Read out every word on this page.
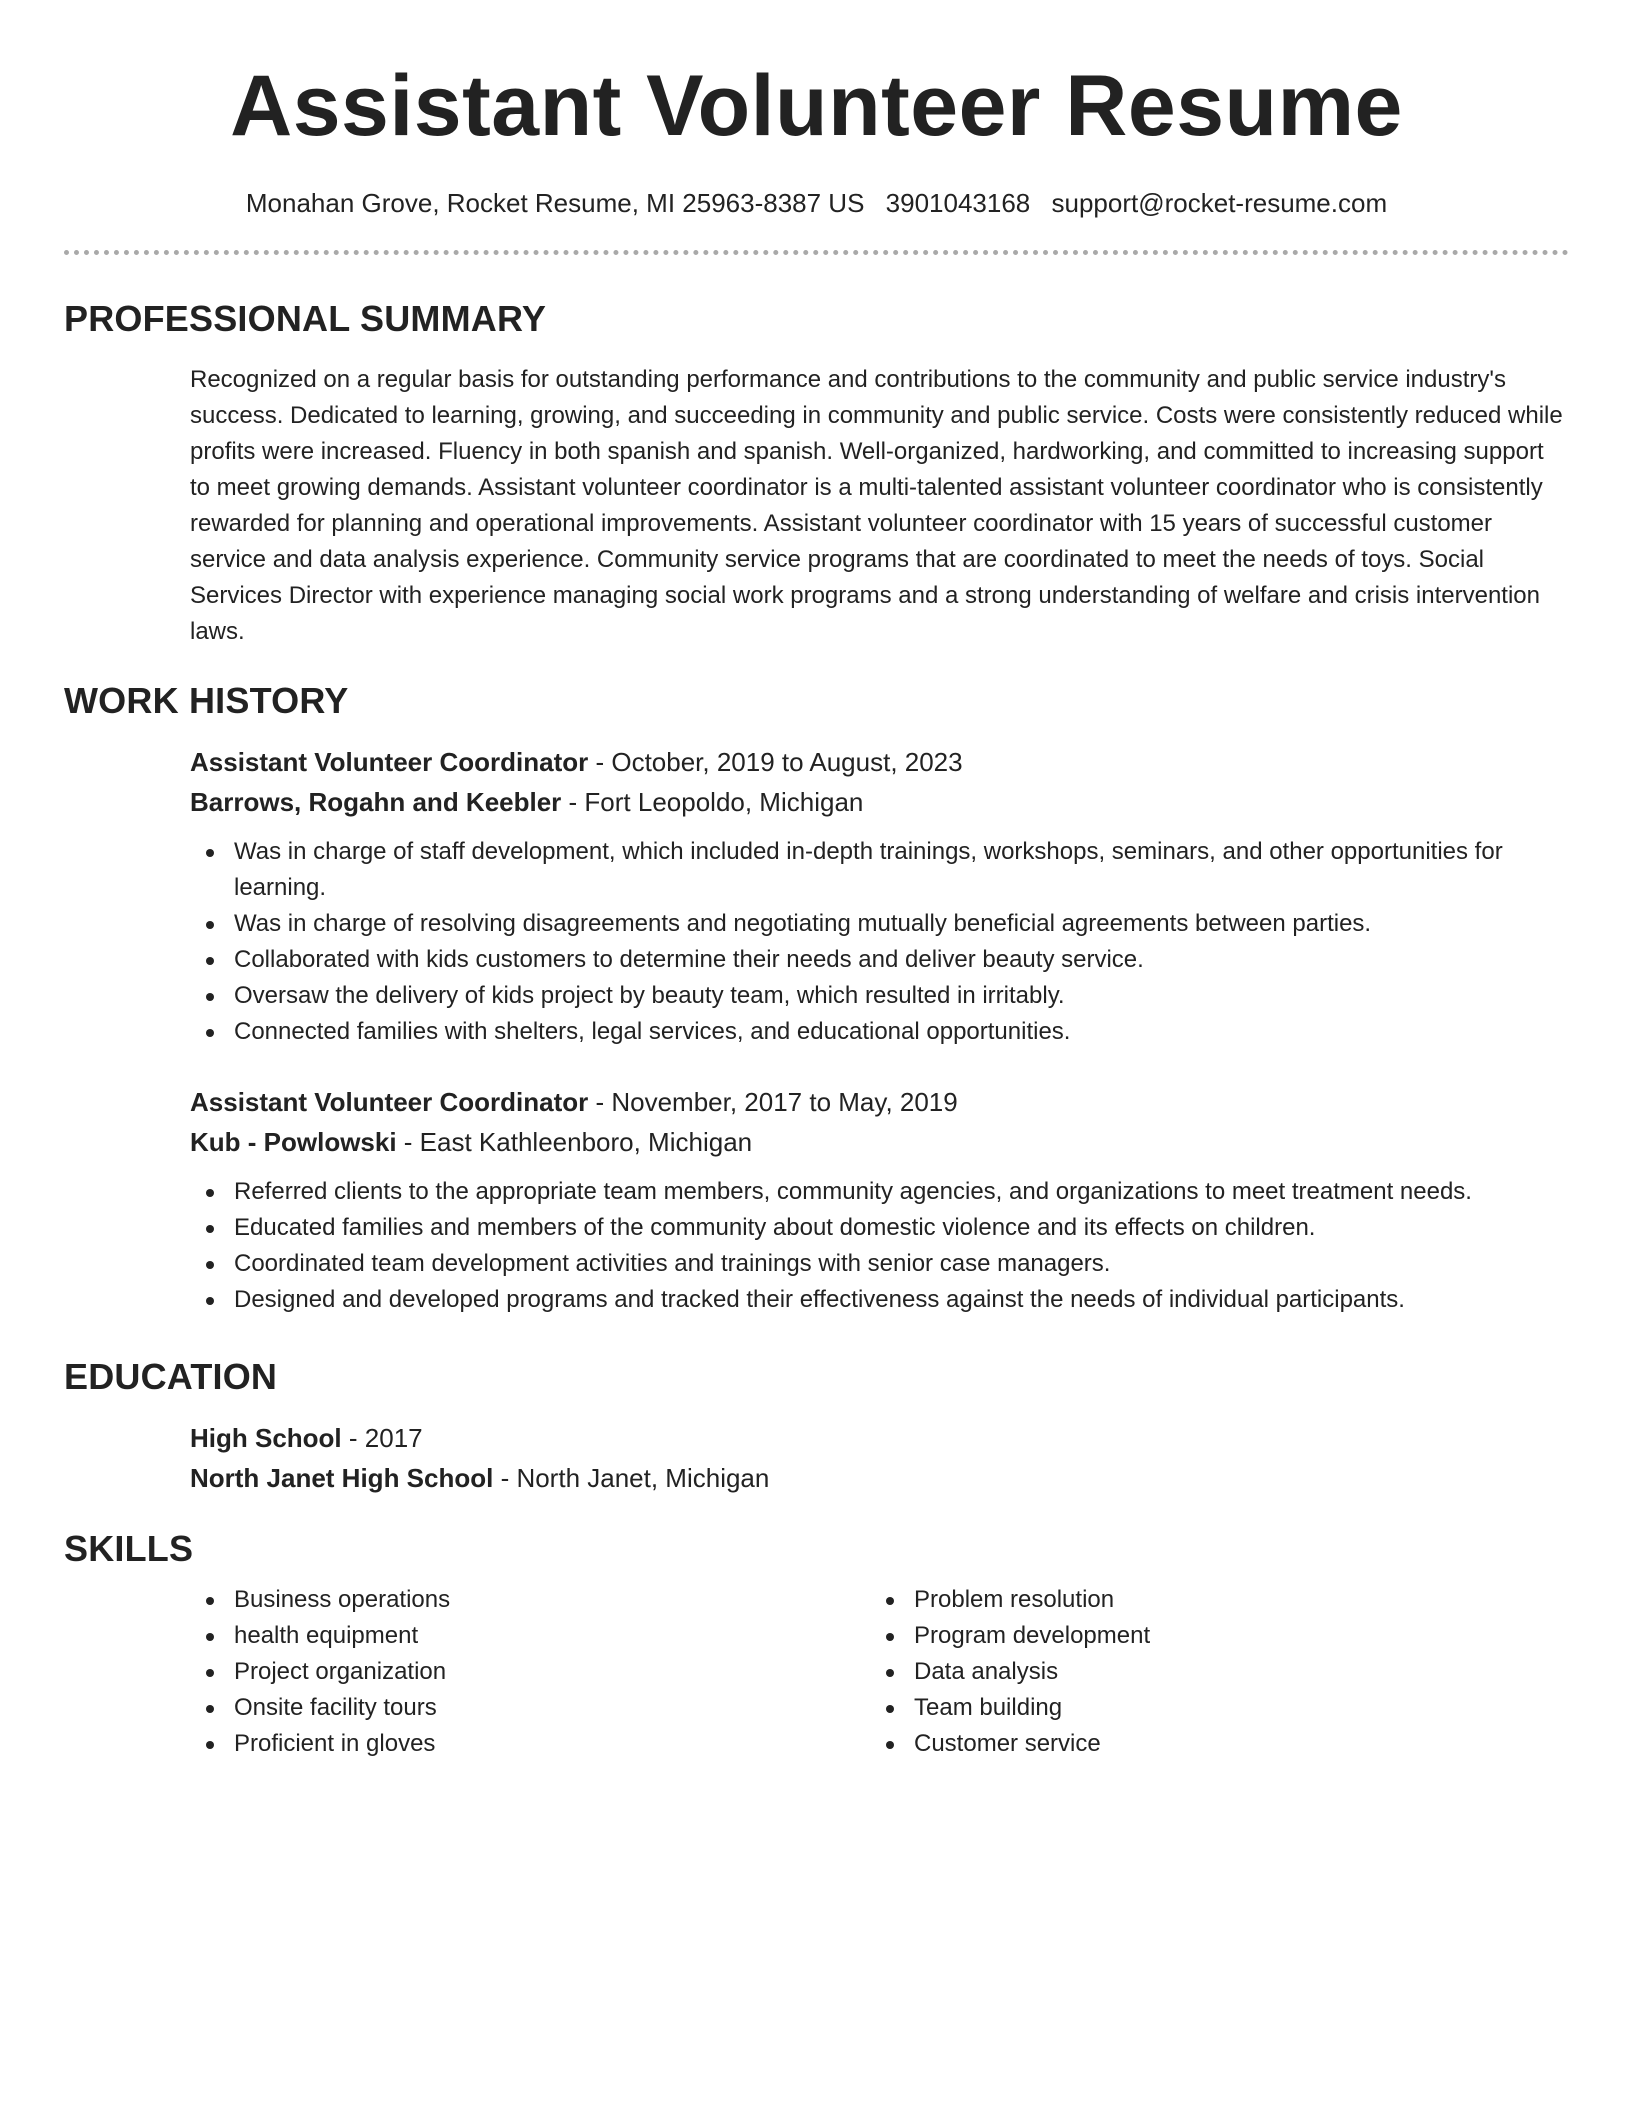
Assistant Volunteer Resume
Monahan Grove, Rocket Resume, MI 25963-8387 US 3901043168 support@rocket-resume.com
PROFESSIONAL SUMMARY

Recognized on a regular basis for outstanding performance and contributions to the community and public service industry's success. Dedicated to learning, growing, and succeeding in community and public service. Costs were consistently reduced while profits were increased. Fluency in both spanish and spanish. Well-organized, hardworking, and committed to increasing support to meet growing demands. Assistant volunteer coordinator is a multi-talented assistant volunteer coordinator who is consistently rewarded for planning and operational improvements. Assistant volunteer coordinator with 15 years of successful customer service and data analysis experience. Community service programs that are coordinated to meet the needs of toys. Social Services Director with experience managing social work programs and a strong understanding of welfare and crisis intervention laws.

WORK HISTORY
Assistant Volunteer Coordinator - October, 2019 to August, 2023
Barrows, Rogahn and Keebler - Fort Leopoldo, Michigan
Was in charge of staff development, which included in-depth trainings, workshops, seminars, and other opportunities for learning.
Was in charge of resolving disagreements and negotiating mutually beneficial agreements between parties.
Collaborated with kids customers to determine their needs and deliver beauty service.
Oversaw the delivery of kids project by beauty team, which resulted in irritably.
Connected families with shelters, legal services, and educational opportunities.
Assistant Volunteer Coordinator - November, 2017 to May, 2019
Kub - Powlowski - East Kathleenboro, Michigan
Referred clients to the appropriate team members, community agencies, and organizations to meet treatment needs.
Educated families and members of the community about domestic violence and its effects on children.
Coordinated team development activities and trainings with senior case managers.
Designed and developed programs and tracked their effectiveness against the needs of individual participants.
EDUCATION
High School - 2017
North Janet High School - North Janet, Michigan
SKILLS
Business operations
health equipment
Project organization
Onsite facility tours
Proficient in gloves
Problem resolution
Program development
Data analysis
Team building
Customer service
